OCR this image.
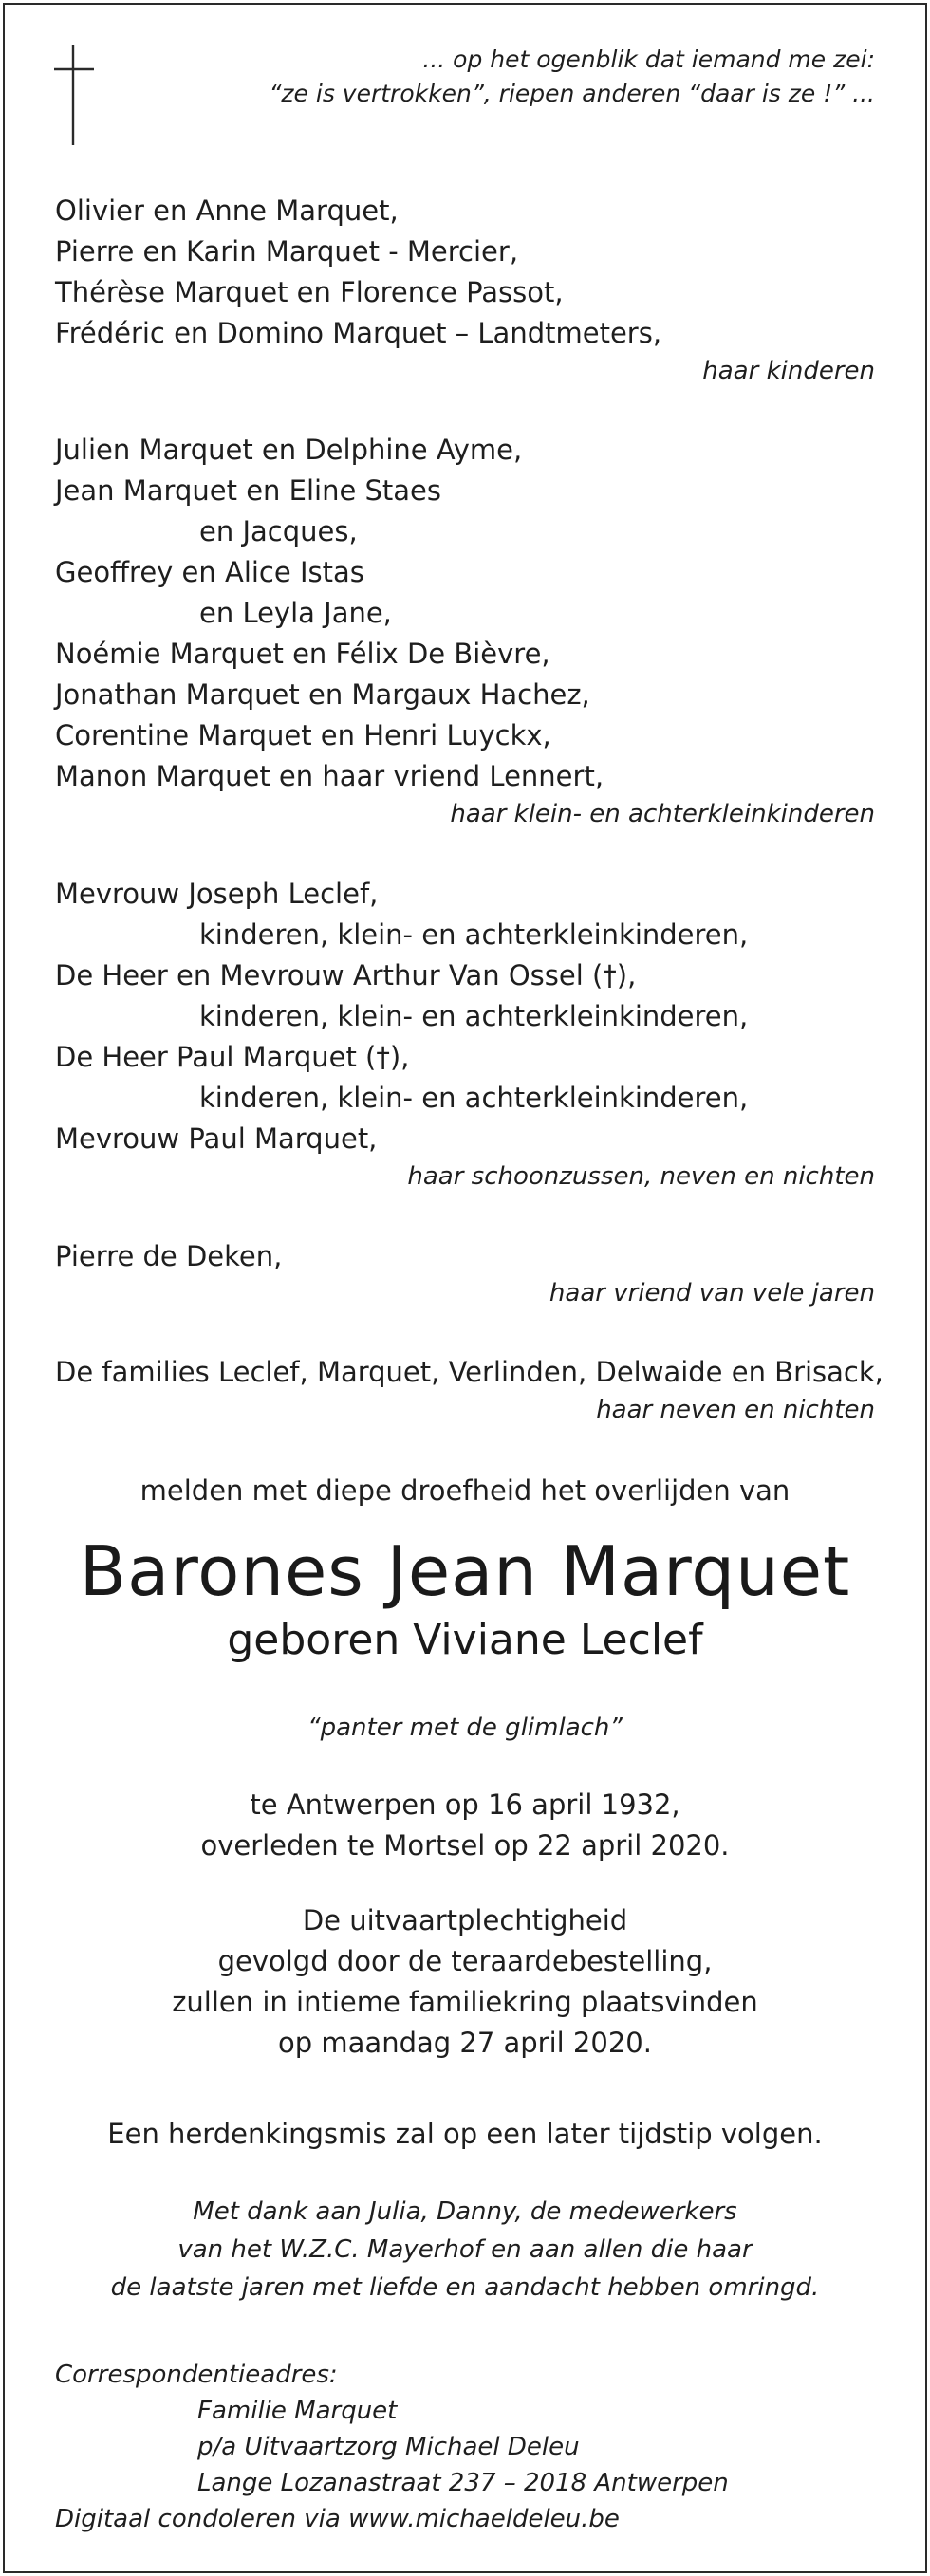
... op het ogenblik dat iemand me zei:
“ze is vertrokken”, riepen anderen “daar is ze !” ...
Olivier en Anne Marquet,
Pierre en Karin Marquet - Mercier,
Thérèse Marquet en Florence Passot,
Frédéric en Domino Marquet – Landtmeters,
haar kinderen
Julien Marquet en Delphine Ayme,
Jean Marquet en Eline Staes
en Jacques,
Geoffrey en Alice Istas
en Leyla Jane,
Noémie Marquet en Félix De Bièvre,
Jonathan Marquet en Margaux Hachez,
Corentine Marquet en Henri Luyckx,
Manon Marquet en haar vriend Lennert,
haar klein- en achterkleinkinderen
Mevrouw Joseph Leclef,
kinderen, klein- en achterkleinkinderen,
De Heer en Mevrouw Arthur Van Ossel (†),
kinderen, klein- en achterkleinkinderen,
De Heer Paul Marquet (†),
kinderen, klein- en achterkleinkinderen,
Mevrouw Paul Marquet,
haar schoonzussen, neven en nichten
Pierre de Deken,
haar vriend van vele jaren
De families Leclef, Marquet, Verlinden, Delwaide en Brisack,
haar neven en nichten
melden met diepe droefheid het overlijden van
Barones Jean Marquet
geboren Viviane Leclef
“panter met de glimlach”
te Antwerpen op 16 april 1932,
overleden te Mortsel op 22 april 2020.
De uitvaartplechtigheid
gevolgd door de teraardebestelling,
zullen in intieme familiekring plaatsvinden
op maandag 27 april 2020.
Een herdenkingsmis zal op een later tijdstip volgen.
Met dank aan Julia, Danny, de medewerkers
van het W.Z.C. Mayerhof en aan allen die haar
de laatste jaren met liefde en aandacht hebben omringd.
Correspondentieadres:
Familie Marquet
p/a Uitvaartzorg Michael Deleu
Lange Lozanastraat 237 – 2018 Antwerpen
Digitaal condoleren via www.michaeldeleu.be
